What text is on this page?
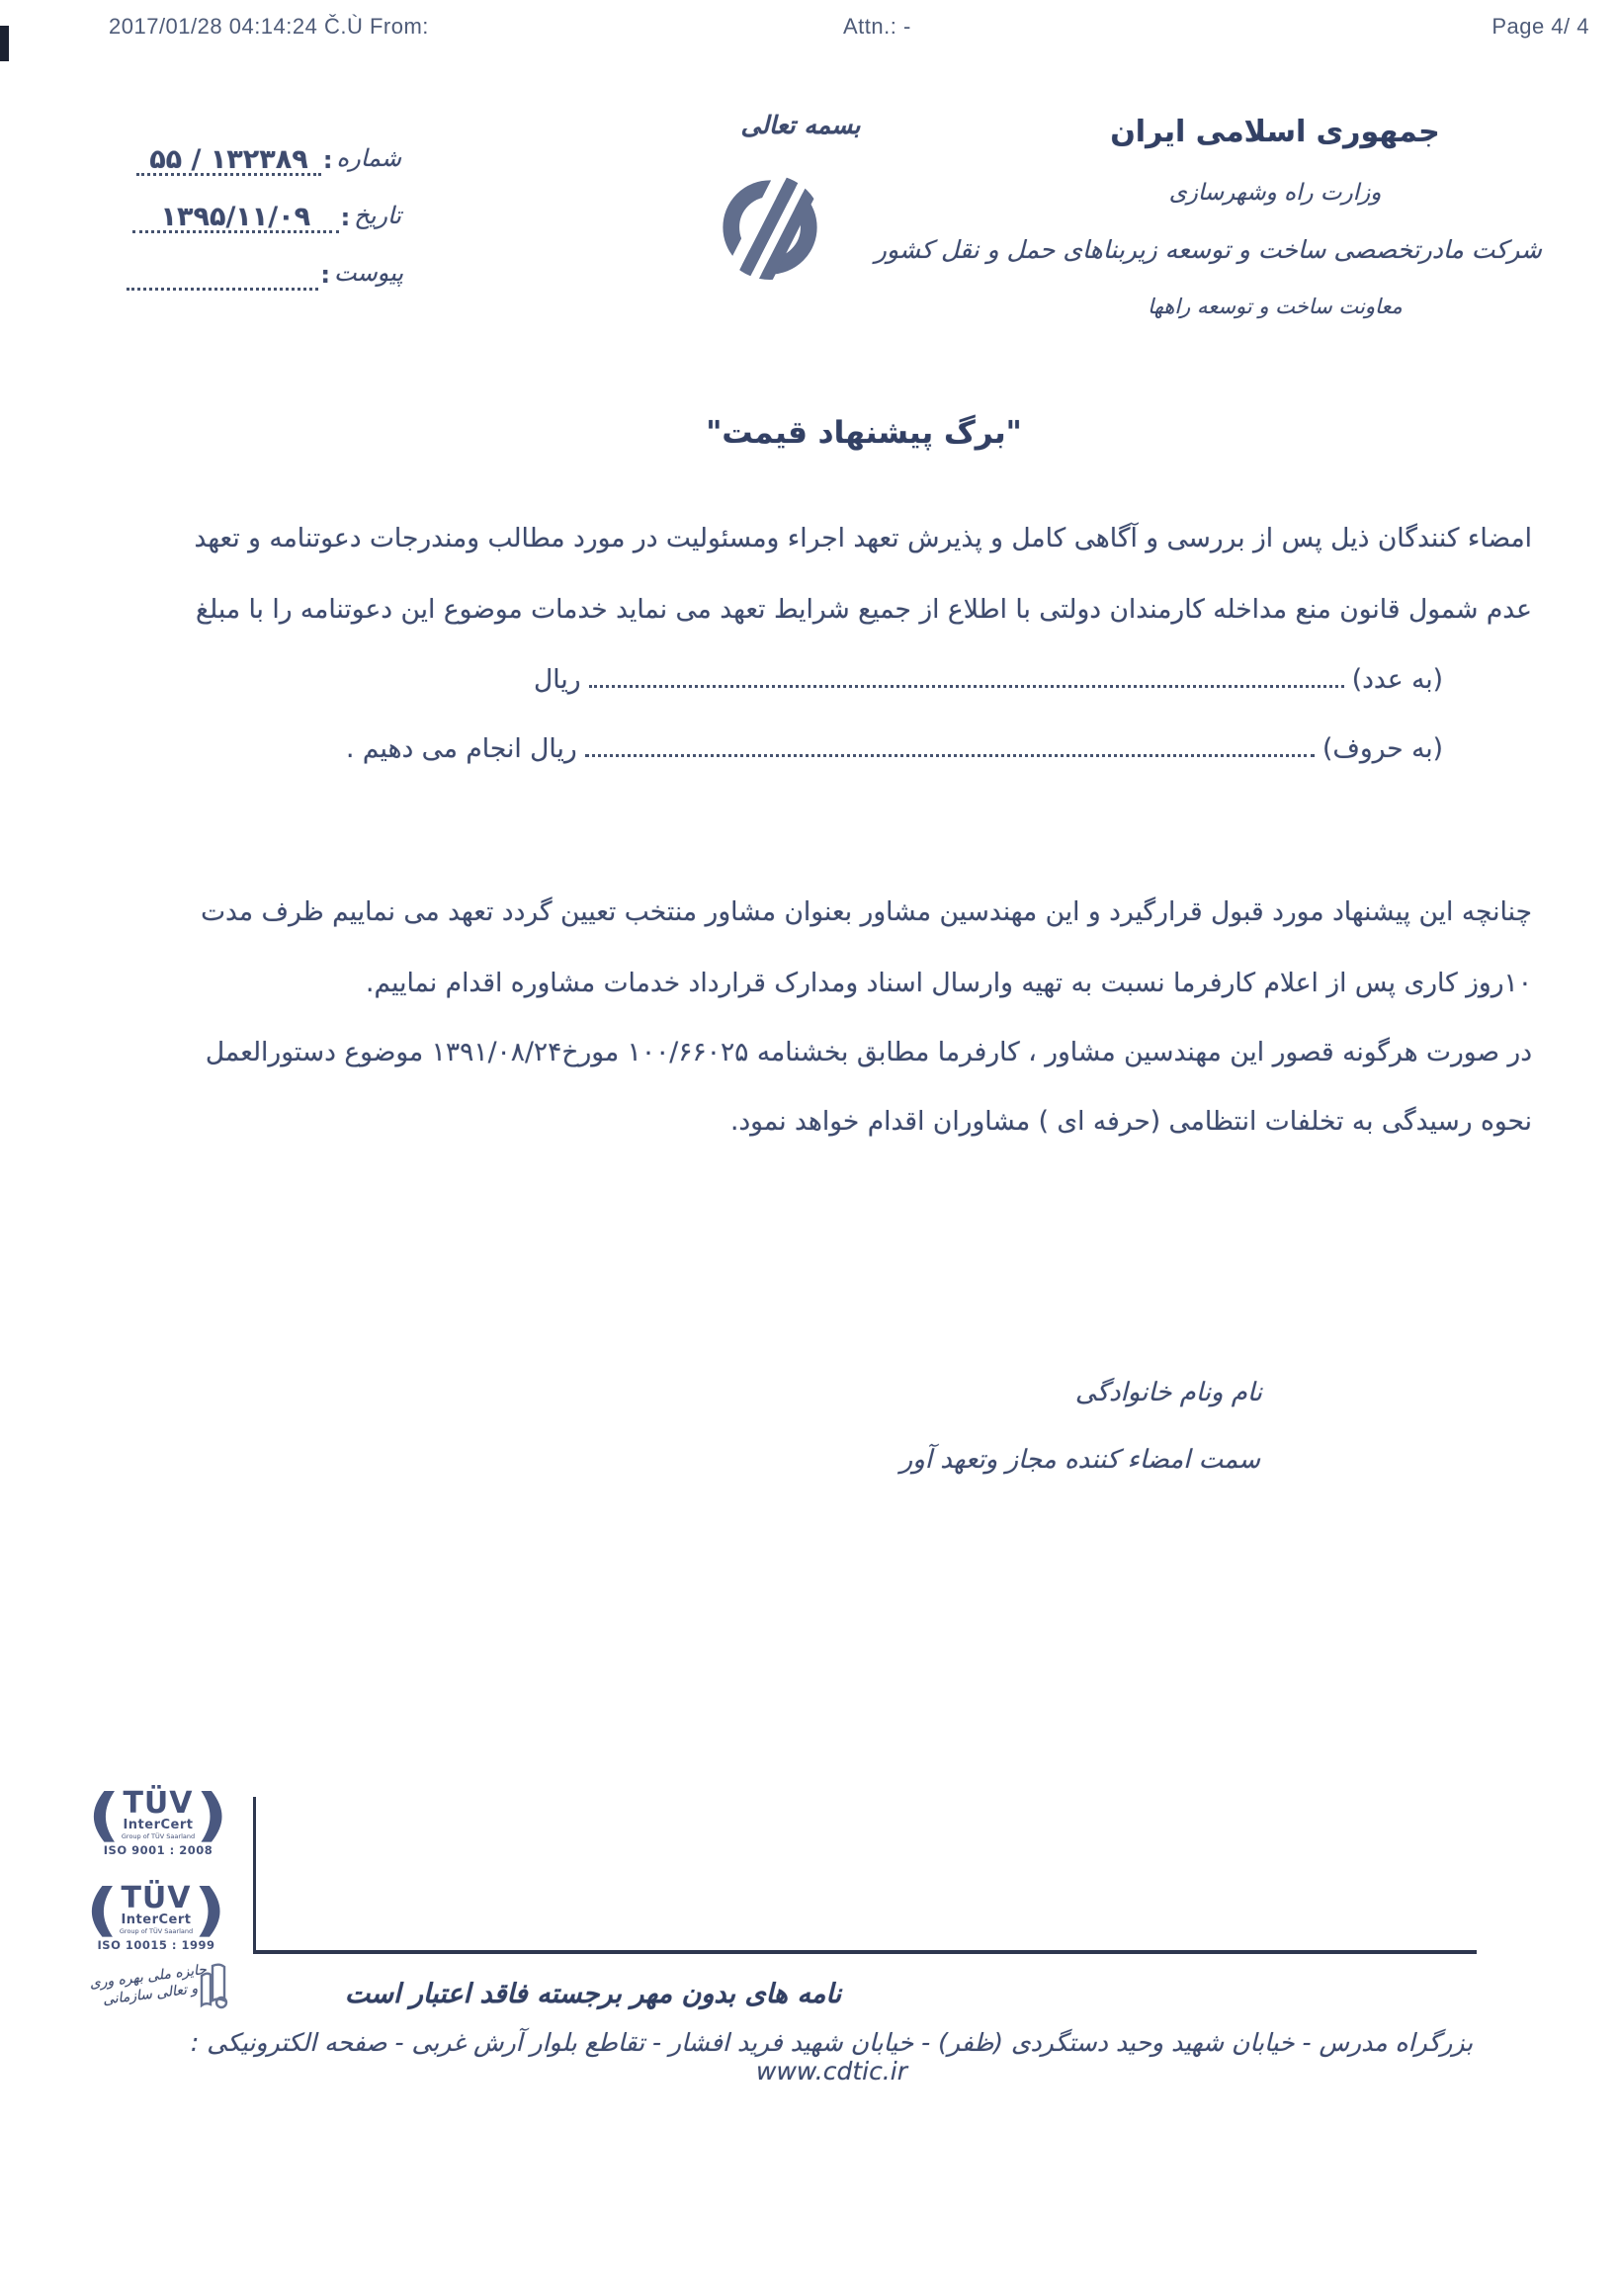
2017/01/28 04:14:24 Č.Ù From:	Attn.: -	Page 4/ 4
جمهوری اسلامی ایران
وزارت راه وشهرسازی
شرکت مادرتخصصی ساخت و توسعه زیربناهای حمل و نقل کشور
معاونت ساخت و توسعه راهها
بسمه تعالی
شماره
:
۵۵ / ۱۳۲۳۸۹
تاریخ
:
۱۳۹۵/۱۱/۰۹
پیوست
:
"برگ پیشنهاد قیمت"
امضاء کنندگان ذیل پس از بررسی و آگاهی کامل و پذیرش تعهد اجراء ومسئولیت در مورد مطالب ومندرجات دعوتنامه و تعهد
عدم شمول قانون منع مداخله کارمندان دولتی با اطلاع از جمیع شرایط تعهد می نماید خدمات موضوع این دعوتنامه را با مبلغ
(به عدد)
ریال
(به حروف)
ریال انجام می دهیم .
چنانچه این پیشنهاد مورد قبول قرارگیرد و این مهندسین مشاور بعنوان مشاور منتخب تعیین گردد تعهد می نماییم ظرف مدت
۱۰روز کاری پس از اعلام کارفرما نسبت به تهیه وارسال اسناد ومدارک قرارداد خدمات مشاوره اقدام نماییم.
در صورت هرگونه قصور این مهندسین مشاور ، کارفرما مطابق بخشنامه ۱۰۰/۶۶۰۲۵ مورخ۱۳۹۱/۰۸/۲۴ موضوع دستورالعمل
نحوه رسیدگی به تخلفات انتظامی (حرفه ای ) مشاوران اقدام خواهد نمود.
نام ونام خانوادگی
سمت امضاء کننده مجاز وتعهد آور
( TÜV
InterCert
Group of TÜV Saarland )
ISO 9001 : 2008
( TÜV
InterCert
Group of TÜV Saarland )
ISO 10015 : 1999
جایزه ملی بهره وری و تعالی سازمانی	نامه های بدون مهر برجسته فاقد اعتبار است
بزرگراه مدرس - خیابان شهید وحید دستگردی (ظفر) - خیابان شهید فرید افشار - تقاطع بلوار آرش غربی - صفحه الکترونیکی : www.cdtic.ir
